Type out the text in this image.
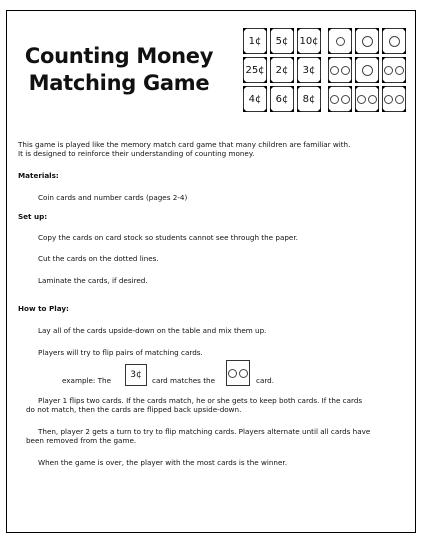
Counting Money
Matching Game
1¢ 5¢ 10¢
25¢ 2¢ 3¢
4¢ 6¢ 8¢
This game is played like the memory match card game that many children are familiar with.
It is designed to reinforce their understanding of counting money.
Materials:
Coin cards and number cards (pages 2-4)
Set up:
Copy the cards on card stock so students cannot see through the paper.
Cut the cards on the dotted lines.
Laminate the cards, if desired.
How to Play:
Lay all of the cards upside-down on the table and mix them up.
Players will try to flip pairs of matching cards.
example: The
3¢
card matches the	card.
Player 1 flips two cards. If the cards match, he or she gets to keep both cards. If the cards
do not match, then the cards are flipped back upside-down.
Then, player 2 gets a turn to try to flip matching cards. Players alternate until all cards have
been removed from the game.
When the game is over, the player with the most cards is the winner.
